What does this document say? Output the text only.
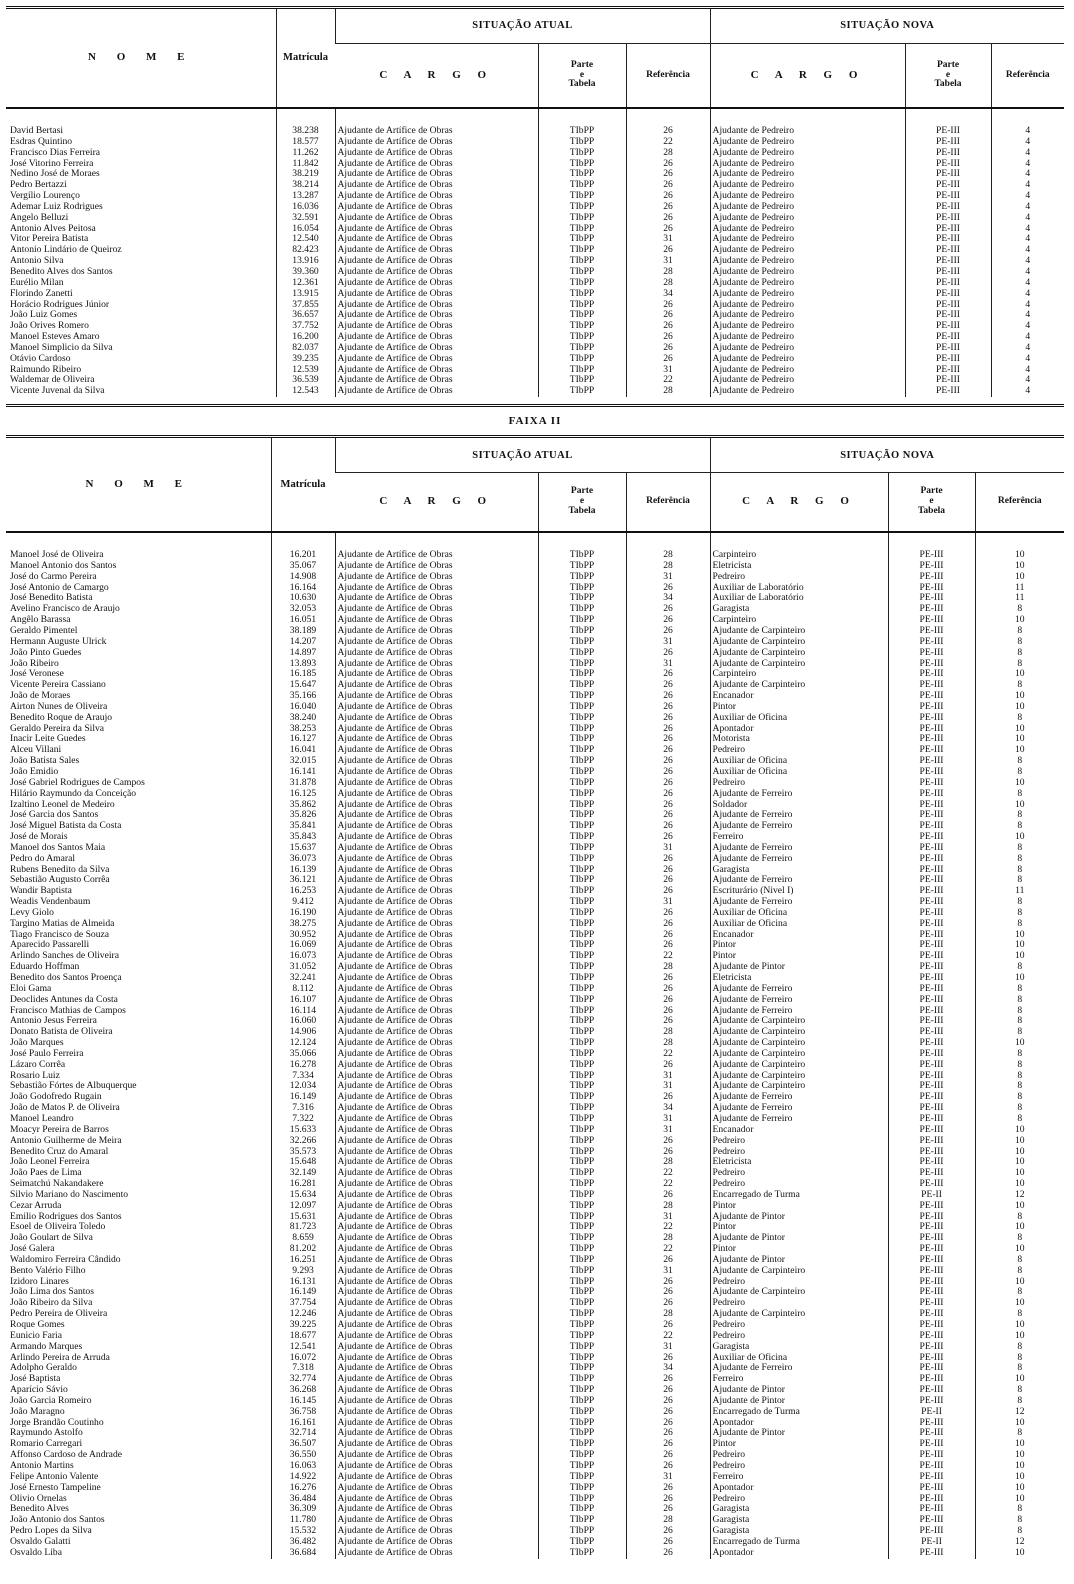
N O M E	Matrícula	SITUAÇÃO ATUAL			SITUAÇÃO NOVA		
		C A R G O	Parte
e
Tabela	Referência	C A R G O	Parte
e
Tabela	Referência

David Bertasi	38.238	Ajudante de Artífice de Obras	TIbPP	26	Ajudante de Pedreiro	PE-III	4
Esdras Quintino	18.577	Ajudante de Artífice de Obras	TIbPP	22	Ajudante de Pedreiro	PE-III	4
Francisco Dias Ferreira	11.262	Ajudante de Artífice de Obras	TIbPP	28	Ajudante de Pedreiro	PE-III	4
José Vitorino Ferreira	11.842	Ajudante de Artífice de Obras	TIbPP	26	Ajudante de Pedreiro	PE-III	4
Nedino José de Moraes	38.219	Ajudante de Artífice de Obras	TIbPP	26	Ajudante de Pedreiro	PE-III	4
Pedro Bertazzi	38.214	Ajudante de Artífice de Obras	TIbPP	26	Ajudante de Pedreiro	PE-III	4
Vergílio Lourenço	13.287	Ajudante de Artífice de Obras	TIbPP	26	Ajudante de Pedreiro	PE-III	4
Ademar Luiz Rodrigues	16.036	Ajudante de Artífice de Obras	TIbPP	26	Ajudante de Pedreiro	PE-III	4
Angelo Belluzi	32.591	Ajudante de Artífice de Obras	TIbPP	26	Ajudante de Pedreiro	PE-III	4
Antonio Alves Peitosa	16.054	Ajudante de Artífice de Obras	TIbPP	26	Ajudante de Pedreiro	PE-III	4
Vitor Pereira Batista	12.540	Ajudante de Artífice de Obras	TIbPP	31	Ajudante de Pedreiro	PE-III	4
Antonio Lindário de Queiroz	82.423	Ajudante de Artífice de Obras	TIbPP	26	Ajudante de Pedreiro	PE-III	4
Antonio Silva	13.916	Ajudante de Artífice de Obras	TIbPP	31	Ajudante de Pedreiro	PE-III	4
Benedito Alves dos Santos	39.360	Ajudante de Artífice de Obras	TIbPP	28	Ajudante de Pedreiro	PE-III	4
Eurélio Milan	12.361	Ajudante de Artífice de Obras	TIbPP	28	Ajudante de Pedreiro	PE-III	4
Florindo Zanetti	13.915	Ajudante de Artífice de Obras	TIbPP	34	Ajudante de Pedreiro	PE-III	4
Horácio Rodrigues Júnior	37.855	Ajudante de Artífice de Obras	TIbPP	26	Ajudante de Pedreiro	PE-III	4
João Luiz Gomes	36.657	Ajudante de Artífice de Obras	TIbPP	26	Ajudante de Pedreiro	PE-III	4
João Orives Romero	37.752	Ajudante de Artífice de Obras	TIbPP	26	Ajudante de Pedreiro	PE-III	4
Manoel Esteves Amaro	16.200	Ajudante de Artífice de Obras	TIbPP	26	Ajudante de Pedreiro	PE-III	4
Manoel Simplicio da Silva	82.037	Ajudante de Artífice de Obras	TIbPP	26	Ajudante de Pedreiro	PE-III	4
Otávio Cardoso	39.235	Ajudante de Artífice de Obras	TIbPP	26	Ajudante de Pedreiro	PE-III	4
Raimundo Ribeiro	12.539	Ajudante de Artífice de Obras	TIbPP	31	Ajudante de Pedreiro	PE-III	4
Waldemar de Oliveira	36.539	Ajudante de Artífice de Obras	TIbPP	22	Ajudante de Pedreiro	PE-III	4
Vicente Juvenal da Silva	12.543	Ajudante de Artífice de Obras	TIbPP	28	Ajudante de Pedreiro	PE-III	4
FAIXA II
N O M E	Matrícula	SITUAÇÃO ATUAL			SITUAÇÃO NOVA		
		C A R G O	Parte
e
Tabela	Referência	C A R G O	Parte
e
Tabela	Referência

Manoel José de Oliveira	16.201	Ajudante de Artífice de Obras	TIbPP	28	Carpinteiro	PE-III	10
Manoel Antonio dos Santos	35.067	Ajudante de Artífice de Obras	TIbPP	28	Eletricista	PE-III	10
José do Carmo Pereira	14.908	Ajudante de Artífice de Obras	TIbPP	31	Pedreiro	PE-III	10
José Antonio de Camargo	16.164	Ajudante de Artífice de Obras	TIbPP	26	Auxiliar de Laboratório	PE-III	11
José Benedito Batista	10.630	Ajudante de Artífice de Obras	TIbPP	34	Auxiliar de Laboratório	PE-III	11
Avelino Francisco de Araujo	32.053	Ajudante de Artífice de Obras	TIbPP	26	Garagista	PE-III	8
Angêlo Barassa	16.051	Ajudante de Artífice de Obras	TIbPP	26	Carpinteiro	PE-III	10
Geraldo Pimentel	38.189	Ajudante de Artífice de Obras	TIbPP	26	Ajudante de Carpinteiro	PE-III	8
Hermann Auguste Ulrick	14.207	Ajudante de Artífice de Obras	TIbPP	31	Ajudante de Carpinteiro	PE-III	8
João Pinto Guedes	14.897	Ajudante de Artífice de Obras	TIbPP	26	Ajudante de Carpinteiro	PE-III	8
João Ribeiro	13.893	Ajudante de Artífice de Obras	TIbPP	31	Ajudante de Carpinteiro	PE-III	8
José Veronese	16.185	Ajudante de Artífice de Obras	TIbPP	26	Carpinteiro	PE-III	10
Vicente Pereira Cassiano	15.647	Ajudante de Artífice de Obras	TIbPP	26	Ajudante de Carpinteiro	PE-III	8
João de Moraes	35.166	Ajudante de Artífice de Obras	TIbPP	26	Encanador	PE-III	10
Airton Nunes de Oliveira	16.040	Ajudante de Artífice de Obras	TIbPP	26	Pintor	PE-III	10
Benedito Roque de Araujo	38.240	Ajudante de Artífice de Obras	TIbPP	26	Auxiliar de Oficina	PE-III	8
Geraldo Pereira da Silva	38.253	Ajudante de Artífice de Obras	TIbPP	26	Apontador	PE-III	10
Inacir Leite Guedes	16.127	Ajudante de Artífice de Obras	TIbPP	26	Motorista	PE-III	10
Alceu Villani	16.041	Ajudante de Artífice de Obras	TIbPP	26	Pedreiro	PE-III	10
João Batista Sales	32.015	Ajudante de Artífice de Obras	TIbPP	26	Auxiliar de Oficina	PE-III	8
João Emidio	16.141	Ajudante de Artífice de Obras	TIbPP	26	Auxiliar de Oficina	PE-III	8
José Gabriel Rodrigues de Campos	31.878	Ajudante de Artífice de Obras	TIbPP	26	Pedreiro	PE-III	10
Hilário Raymundo da Conceição	16.125	Ajudante de Artífice de Obras	TIbPP	26	Ajudante de Ferreiro	PE-III	8
Izaltino Leonel de Medeiro	35.862	Ajudante de Artífice de Obras	TIbPP	26	Soldador	PE-III	10
José Garcia dos Santos	35.826	Ajudante de Artífice de Obras	TIbPP	26	Ajudante de Ferreiro	PE-III	8
José Miguel Batista da Costa	35.841	Ajudante de Artífice de Obras	TIbPP	26	Ajudante de Ferreiro	PE-III	8
José de Morais	35.843	Ajudante de Artífice de Obras	TIbPP	26	Ferreiro	PE-III	10
Manoel dos Santos Maia	15.637	Ajudante de Artífice de Obras	TIbPP	31	Ajudante de Ferreiro	PE-III	8
Pedro do Amaral	36.073	Ajudante de Artífice de Obras	TIbPP	26	Ajudante de Ferreiro	PE-III	8
Rubens Benedito da Silva	16.139	Ajudante de Artífice de Obras	TIbPP	26	Garagista	PE-III	8
Sebastião Augusto Corrêa	36.121	Ajudante de Artífice de Obras	TIbPP	26	Ajudante de Ferreiro	PE-III	8
Wandir Baptista	16.253	Ajudante de Artífice de Obras	TIbPP	26	Escriturário (Nivel I)	PE-III	11
Weadis Vendenbaum	9.412	Ajudante de Artífice de Obras	TIbPP	31	Ajudante de Ferreiro	PE-III	8
Levy Giolo	16.190	Ajudante de Artífice de Obras	TIbPP	26	Auxiliar de Oficina	PE-III	8
Targino Matias de Almeida	38.275	Ajudante de Artífice de Obras	TIbPP	26	Auxiliar de Oficina	PE-III	8
Tiago Francisco de Souza	30.952	Ajudante de Artífice de Obras	TIbPP	26	Encanador	PE-III	10
Aparecido Passarelli	16.069	Ajudante de Artífice de Obras	TIbPP	26	Pintor	PE-III	10
Arlindo Sanches de Oliveira	16.073	Ajudante de Artífice de Obras	TIbPP	22	Pintor	PE-III	10
Eduardo Hoffman	31.052	Ajudante de Artífice de Obras	TIbPP	28	Ajudante de Pintor	PE-III	8
Benedito dos Santos Proença	32.241	Ajudante de Artífice de Obras	TIbPP	26	Eletricista	PE-III	10
Eloi Gama	8.112	Ajudante de Artífice de Obras	TIbPP	26	Ajudante de Ferreiro	PE-III	8
Deoclides Antunes da Costa	16.107	Ajudante de Artífice de Obras	TIbPP	26	Ajudante de Ferreiro	PE-III	8
Francisco Mathias de Campos	16.114	Ajudante de Artífice de Obras	TIbPP	26	Ajudante de Ferreiro	PE-III	8
Antonio Jesus Ferreira	16.060	Ajudante de Artífice de Obras	TIbPP	26	Ajudante de Carpinteiro	PE-III	8
Donato Batista de Oliveira	14.906	Ajudante de Artífice de Obras	TIbPP	28	Ajudante de Carpinteiro	PE-III	8
João Marques	12.124	Ajudante de Artífice de Obras	TIbPP	28	Ajudante de Carpinteiro	PE-III	10
José Paulo Ferreira	35.066	Ajudante de Artífice de Obras	TIbPP	22	Ajudante de Carpinteiro	PE-III	8
Lázaro Corrêa	16.278	Ajudante de Artífice de Obras	TIbPP	26	Ajudante de Carpinteiro	PE-III	8
Rosario Luiz	7.334	Ajudante de Artífice de Obras	TIbPP	31	Ajudante de Carpinteiro	PE-III	8
Sebastião Fórtes de Albuquerque	12.034	Ajudante de Artífice de Obras	TIbPP	31	Ajudante de Carpinteiro	PE-III	8
João Godofredo Rugain	16.149	Ajudante de Artífice de Obras	TIbPP	26	Ajudante de Ferreiro	PE-III	8
João de Matos P. de Oliveira	7.316	Ajudante de Artífice de Obras	TIbPP	34	Ajudante de Ferreiro	PE-III	8
Manoel Leandro	7.322	Ajudante de Artífice de Obras	TIbPP	31	Ajudante de Ferreiro	PE-III	8
Moacyr Pereira de Barros	15.633	Ajudante de Artífice de Obras	TIbPP	31	Encanador	PE-III	10
Antonio Guilherme de Meira	32.266	Ajudante de Artífice de Obras	TIbPP	26	Pedreiro	PE-III	10
Benedito Cruz do Amaral	35.573	Ajudante de Artífice de Obras	TIbPP	26	Pedreiro	PE-III	10
João Leonel Ferreira	15.648	Ajudante de Artífice de Obras	TIbPP	28	Eletricista	PE-III	10
João Paes de Lima	32.149	Ajudante de Artífice de Obras	TIbPP	22	Pedreiro	PE-III	10
Seimatchú Nakandakere	16.281	Ajudante de Artífice de Obras	TIbPP	22	Pedreiro	PE-III	10
Silvio Mariano do Nascimento	15.634	Ajudante de Artífice de Obras	TIbPP	26	Encarregado de Turma	PE-II	12
Cezar Arruda	12.097	Ajudante de Artífice de Obras	TIbPP	28	Pintor	PE-III	10
Emilio Rodrigues dos Santos	15.631	Ajudante de Artífice de Obras	TIbPP	31	Ajudante de Pintor	PE-III	8
Esoel de Oliveira Toledo	81.723	Ajudante de Artífice de Obras	TIbPP	22	Pintor	PE-III	10
João Goulart de Silva	8.659	Ajudante de Artífice de Obras	TIbPP	28	Ajudante de Pintor	PE-III	8
José Galera	81.202	Ajudante de Artífice de Obras	TIbPP	22	Pintor	PE-III	10
Waldomiro Ferreira Cândido	16.251	Ajudante de Artífice de Obras	TIbPP	26	Ajudante de Pintor	PE-III	8
Bento Valério Filho	9.293	Ajudante de Artífice de Obras	TIbPP	31	Ajudante de Carpinteiro	PE-III	8
Izidoro Linares	16.131	Ajudante de Artífice de Obras	TIbPP	26	Pedreiro	PE-III	10
João Lima dos Santos	16.149	Ajudante de Artífice de Obras	TIbPP	26	Ajudante de Carpinteiro	PE-III	8
João Ribeiro da Silva	37.754	Ajudante de Artífice de Obras	TIbPP	26	Pedreiro	PE-III	10
Pedro Pereira de Oliveira	12.246	Ajudante de Artífice de Obras	TIbPP	28	Ajudante de Carpinteiro	PE-III	8
Roque Gomes	39.225	Ajudante de Artífice de Obras	TIbPP	26	Pedreiro	PE-III	10
Eunicio Faria	18.677	Ajudante de Artífice de Obras	TIbPP	22	Pedreiro	PE-III	10
Armando Marques	12.541	Ajudante de Artífice de Obras	TIbPP	31	Garagista	PE-III	8
Arlindo Pereira de Arruda	16.072	Ajudante de Artífice de Obras	TIbPP	26	Auxiliar de Oficina	PE-III	8
Adolpho Geraldo	7.318	Ajudante de Artífice de Obras	TIbPP	34	Ajudante de Ferreiro	PE-III	8
José Baptista	32.774	Ajudante de Artífice de Obras	TIbPP	26	Ferreiro	PE-III	10
Aparício Sávio	36.268	Ajudante de Artífice de Obras	TIbPP	26	Ajudante de Pintor	PE-III	8
João Garcia Romeiro	16.145	Ajudante de Artífice de Obras	TIbPP	26	Ajudante de Pintor	PE-III	8
João Maragno	36.758	Ajudante de Artífice de Obras	TIbPP	26	Encarregado de Turma	PE-II	12
Jorge Brandão Coutinho	16.161	Ajudante de Artífice de Obras	TIbPP	26	Apontador	PE-III	10
Raymundo Astolfo	32.714	Ajudante de Artífice de Obras	TIbPP	26	Ajudante de Pintor	PE-III	8
Romario Carregari	36.507	Ajudante de Artífice de Obras	TIbPP	26	Pintor	PE-III	10
Affonso Cardoso de Andrade	36.550	Ajudante de Artífice de Obras	TIbPP	26	Pedreiro	PE-III	10
Antonio Martins	16.063	Ajudante de Artífice de Obras	TIbPP	26	Pedreiro	PE-III	10
Felipe Antonio Valente	14.922	Ajudante de Artífice de Obras	TIbPP	31	Ferreiro	PE-III	10
José Ernesto Tampeline	16.276	Ajudante de Artífice de Obras	TIbPP	26	Apontador	PE-III	10
Olivio Ornelas	36.484	Ajudante de Artífice de Obras	TIbPP	26	Pedreiro	PE-III	10
Benedito Alves	36.309	Ajudante de Artífice de Obras	TIbPP	26	Garagista	PE-III	8
João Antonio dos Santos	11.780	Ajudante de Artífice de Obras	TIbPP	28	Garagista	PE-III	8
Pedro Lopes da Silva	15.532	Ajudante de Artífice de Obras	TIbPP	26	Garagista	PE-III	8
Osvaldo Galatti	36.482	Ajudante de Artífice de Obras	TIbPP	26	Encarregado de Turma	PE-II	12
Osvaldo Liba	36.684	Ajudante de Artífice de Obras	TIbPP	26	Apontador	PE-III	10
